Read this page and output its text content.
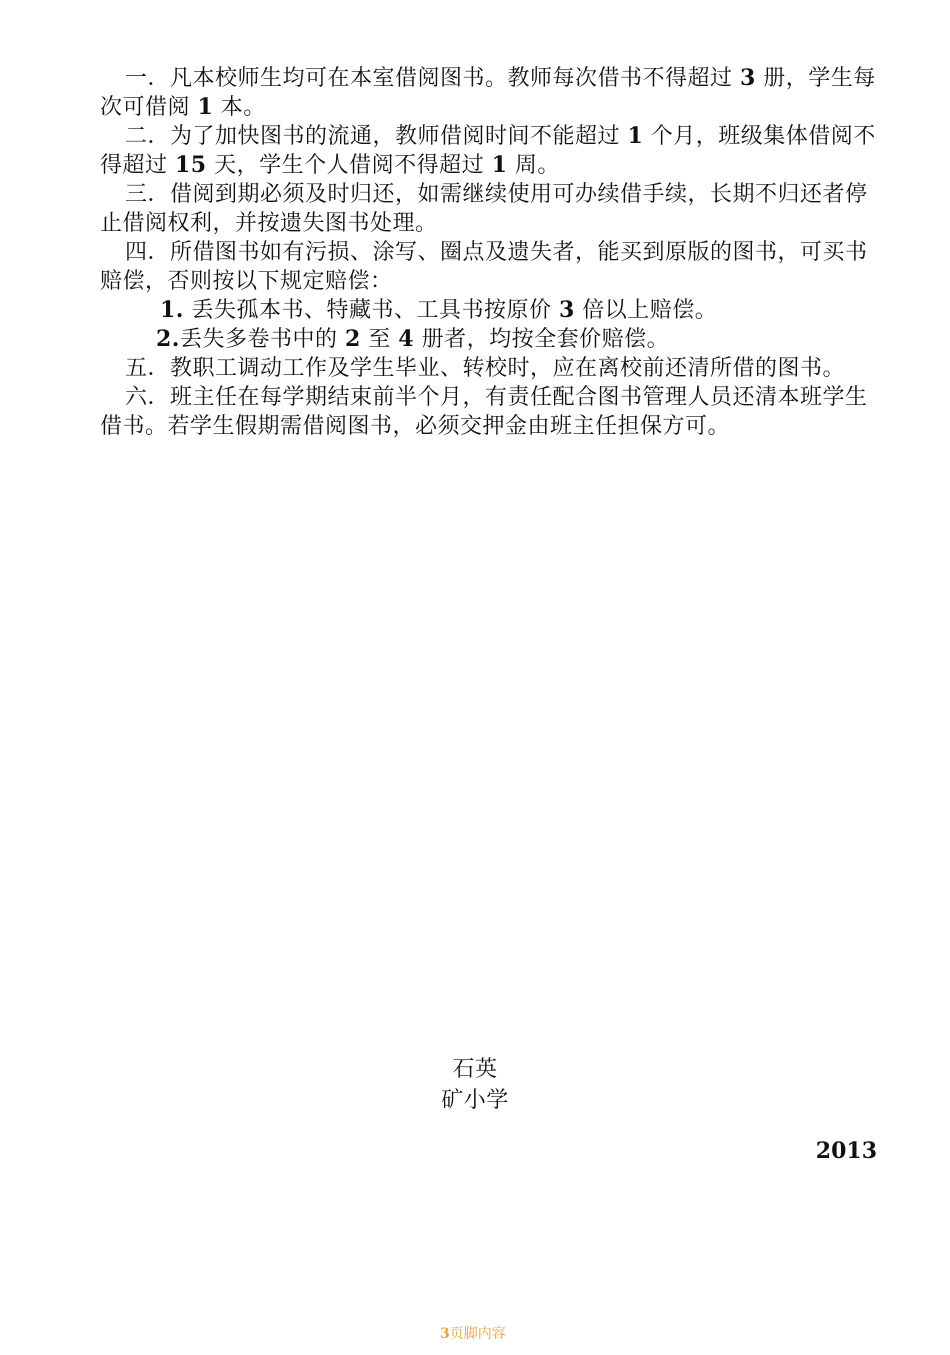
一．凡本校师生均可在本室借阅图书。教师每次借书不得超过 3 册，学生每次可借阅 1 本。

二．为了加快图书的流通，教师借阅时间不能超过 1 个月，班级集体借阅不得超过 15 天，学生个人借阅不得超过 1 周。

三．借阅到期必须及时归还，如需继续使用可办续借手续，长期不归还者停止借阅权利，并按遗失图书处理。

四．所借图书如有污损、涂写、圈点及遗失者，能买到原版的图书，可买书赔偿，否则按以下规定赔偿：

1. 丢失孤本书、特藏书、工具书按原价 3 倍以上赔偿。

2.丢失多卷书中的 2 至 4 册者，均按全套价赔偿。

五．教职工调动工作及学生毕业、转校时，应在离校前还清所借的图书。

六．班主任在每学期结束前半个月，有责任配合图书管理人员还清本班学生借书。若学生假期需借阅图书，必须交押金由班主任担保方可。

石英
矿小学
2013
3页脚内容
